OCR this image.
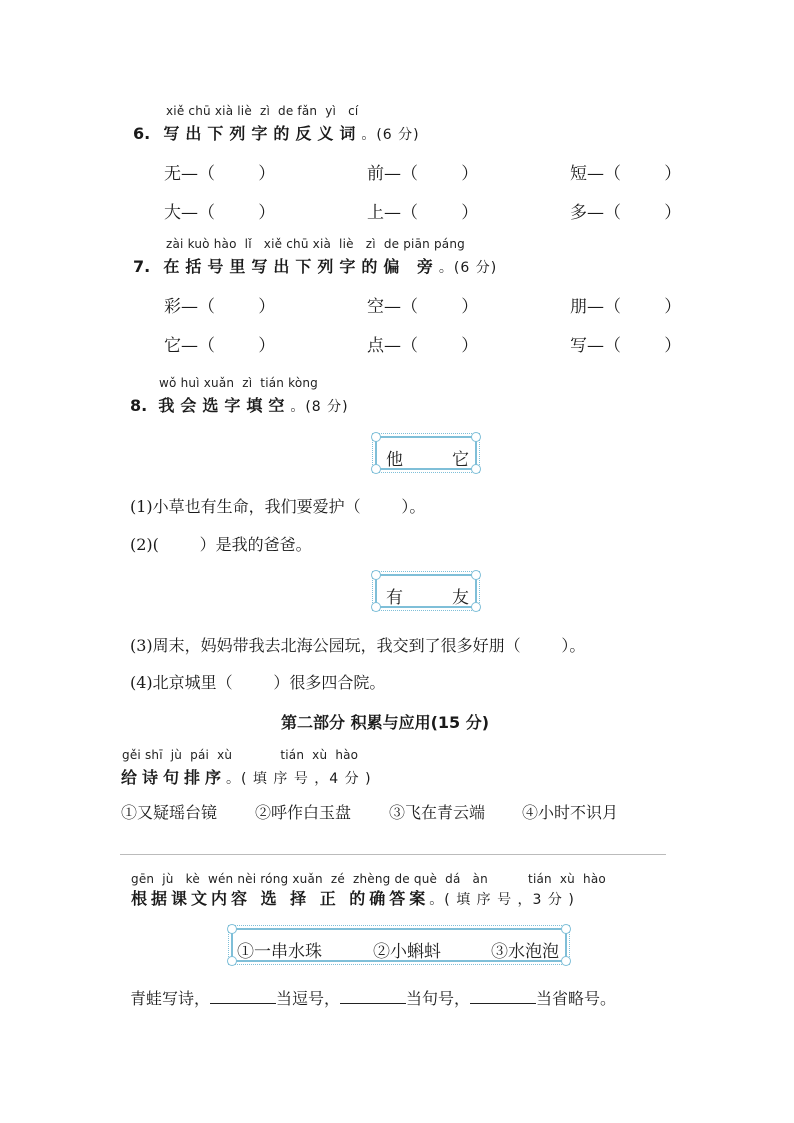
xiě chū xià liè  zì  de fǎn  yì   cí
6. 写出下列字的反义词。(6 分)
无—（        ）	前—（        ）	短—（        ）
大—（        ）	上—（        ）	多—（        ）
zài kuò hào  lǐ   xiě chū xià  liè   zì  de piān páng
7. 在括号里写出下列字的偏 旁。(6 分)
彩—（        ）	空—（        ）	朋—（        ）
它—（        ）	点—（        ）	写—（        ）
wǒ huì xuǎn  zì  tián kòng
8. 我会选字填空。(8 分)
他	它
(1)小草也有生命，我们要爱护（        ）。
(2)(        ）是我的爸爸。
有	友
(3)周末，妈妈带我去北海公园玩，我交到了很多好朋（        ）。
(4)北京城里（        ）很多四合院。
第二部分 积累与应用(15 分)
gěi shī  jù  pái  xù            tián  xù  hào
给诗句排序。( 填 序 号 ，4 分 )
①又疑瑶台镜 ②呼作白玉盘 ③飞在青云端 ④小时不识月
gēn  jù   kè  wén nèi róng xuǎn  zé  zhèng de què  dá   àn          tián  xù  hào
根据课文内容 选 择 正 的确答案。( 填 序 号 ，3 分 )
①一串水珠	②小蝌蚪	③水泡泡
青蛙写诗，	当逗号，	当句号，	当省略号。
